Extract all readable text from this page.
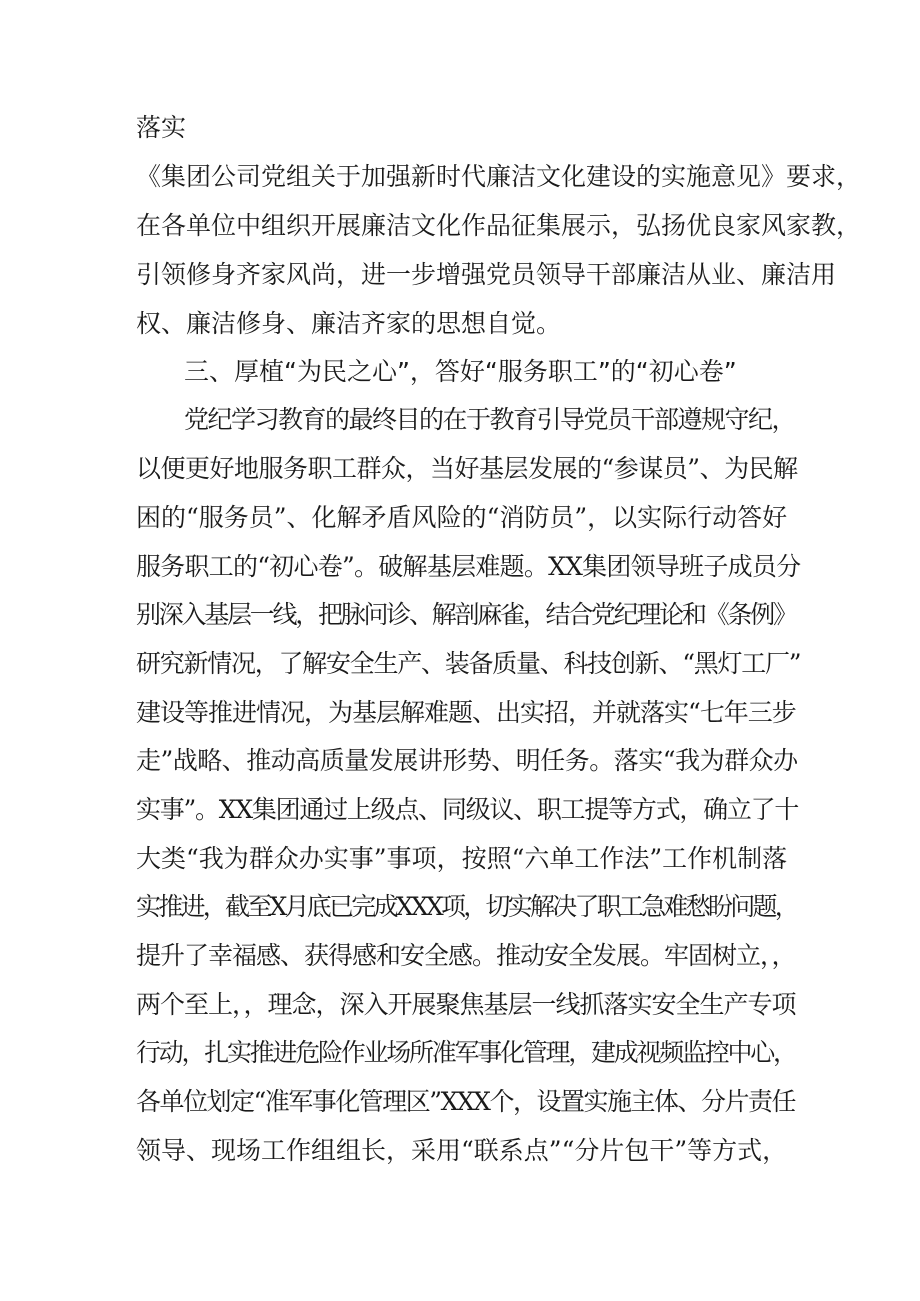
落实
《集团公司党组关于加强新时代廉洁文化建设的实施意见》要求，
在各单位中组织开展廉洁文化作品征集展示，弘扬优良家风家教，
引领修身齐家风尚，进一步增强党员领导干部廉洁从业、廉洁用
权、廉洁修身、廉洁齐家的思想自觉。
三、厚植“为民之心”，答好“服务职工”的“初心卷”
党纪学习教育的最终目的在于教育引导党员干部遵规守纪，
以便更好地服务职工群众，当好基层发展的“参谋员”、为民解
困的“服务员”、化解矛盾风险的“消防员”，以实际行动答好
服务职工的“初心卷”。破解基层难题。XX集团领导班子成员分
别深入基层一线，把脉问诊、解剖麻雀，结合党纪理论和《条例》
研究新情况，了解安全生产、装备质量、科技创新、“黑灯工厂”
建设等推进情况，为基层解难题、出实招，并就落实“七年三步
走”战略、推动高质量发展讲形势、明任务。落实“我为群众办
实事”。XX集团通过上级点、同级议、职工提等方式，确立了十
大类“我为群众办实事”事项，按照“六单工作法”工作机制落
实推进，截至X月底已完成XXX项，切实解决了职工急难愁盼问题，
提升了幸福感、获得感和安全感。推动安全发展。牢固树立，，
两个至上，，理念，深入开展聚焦基层一线抓落实安全生产专项
行动，扎实推进危险作业场所准军事化管理，建成视频监控中心，
各单位划定“准军事化管理区”XXX个，设置实施主体、分片责任
领导、现场工作组组长，采用“联系点”“分片包干”等方式，
